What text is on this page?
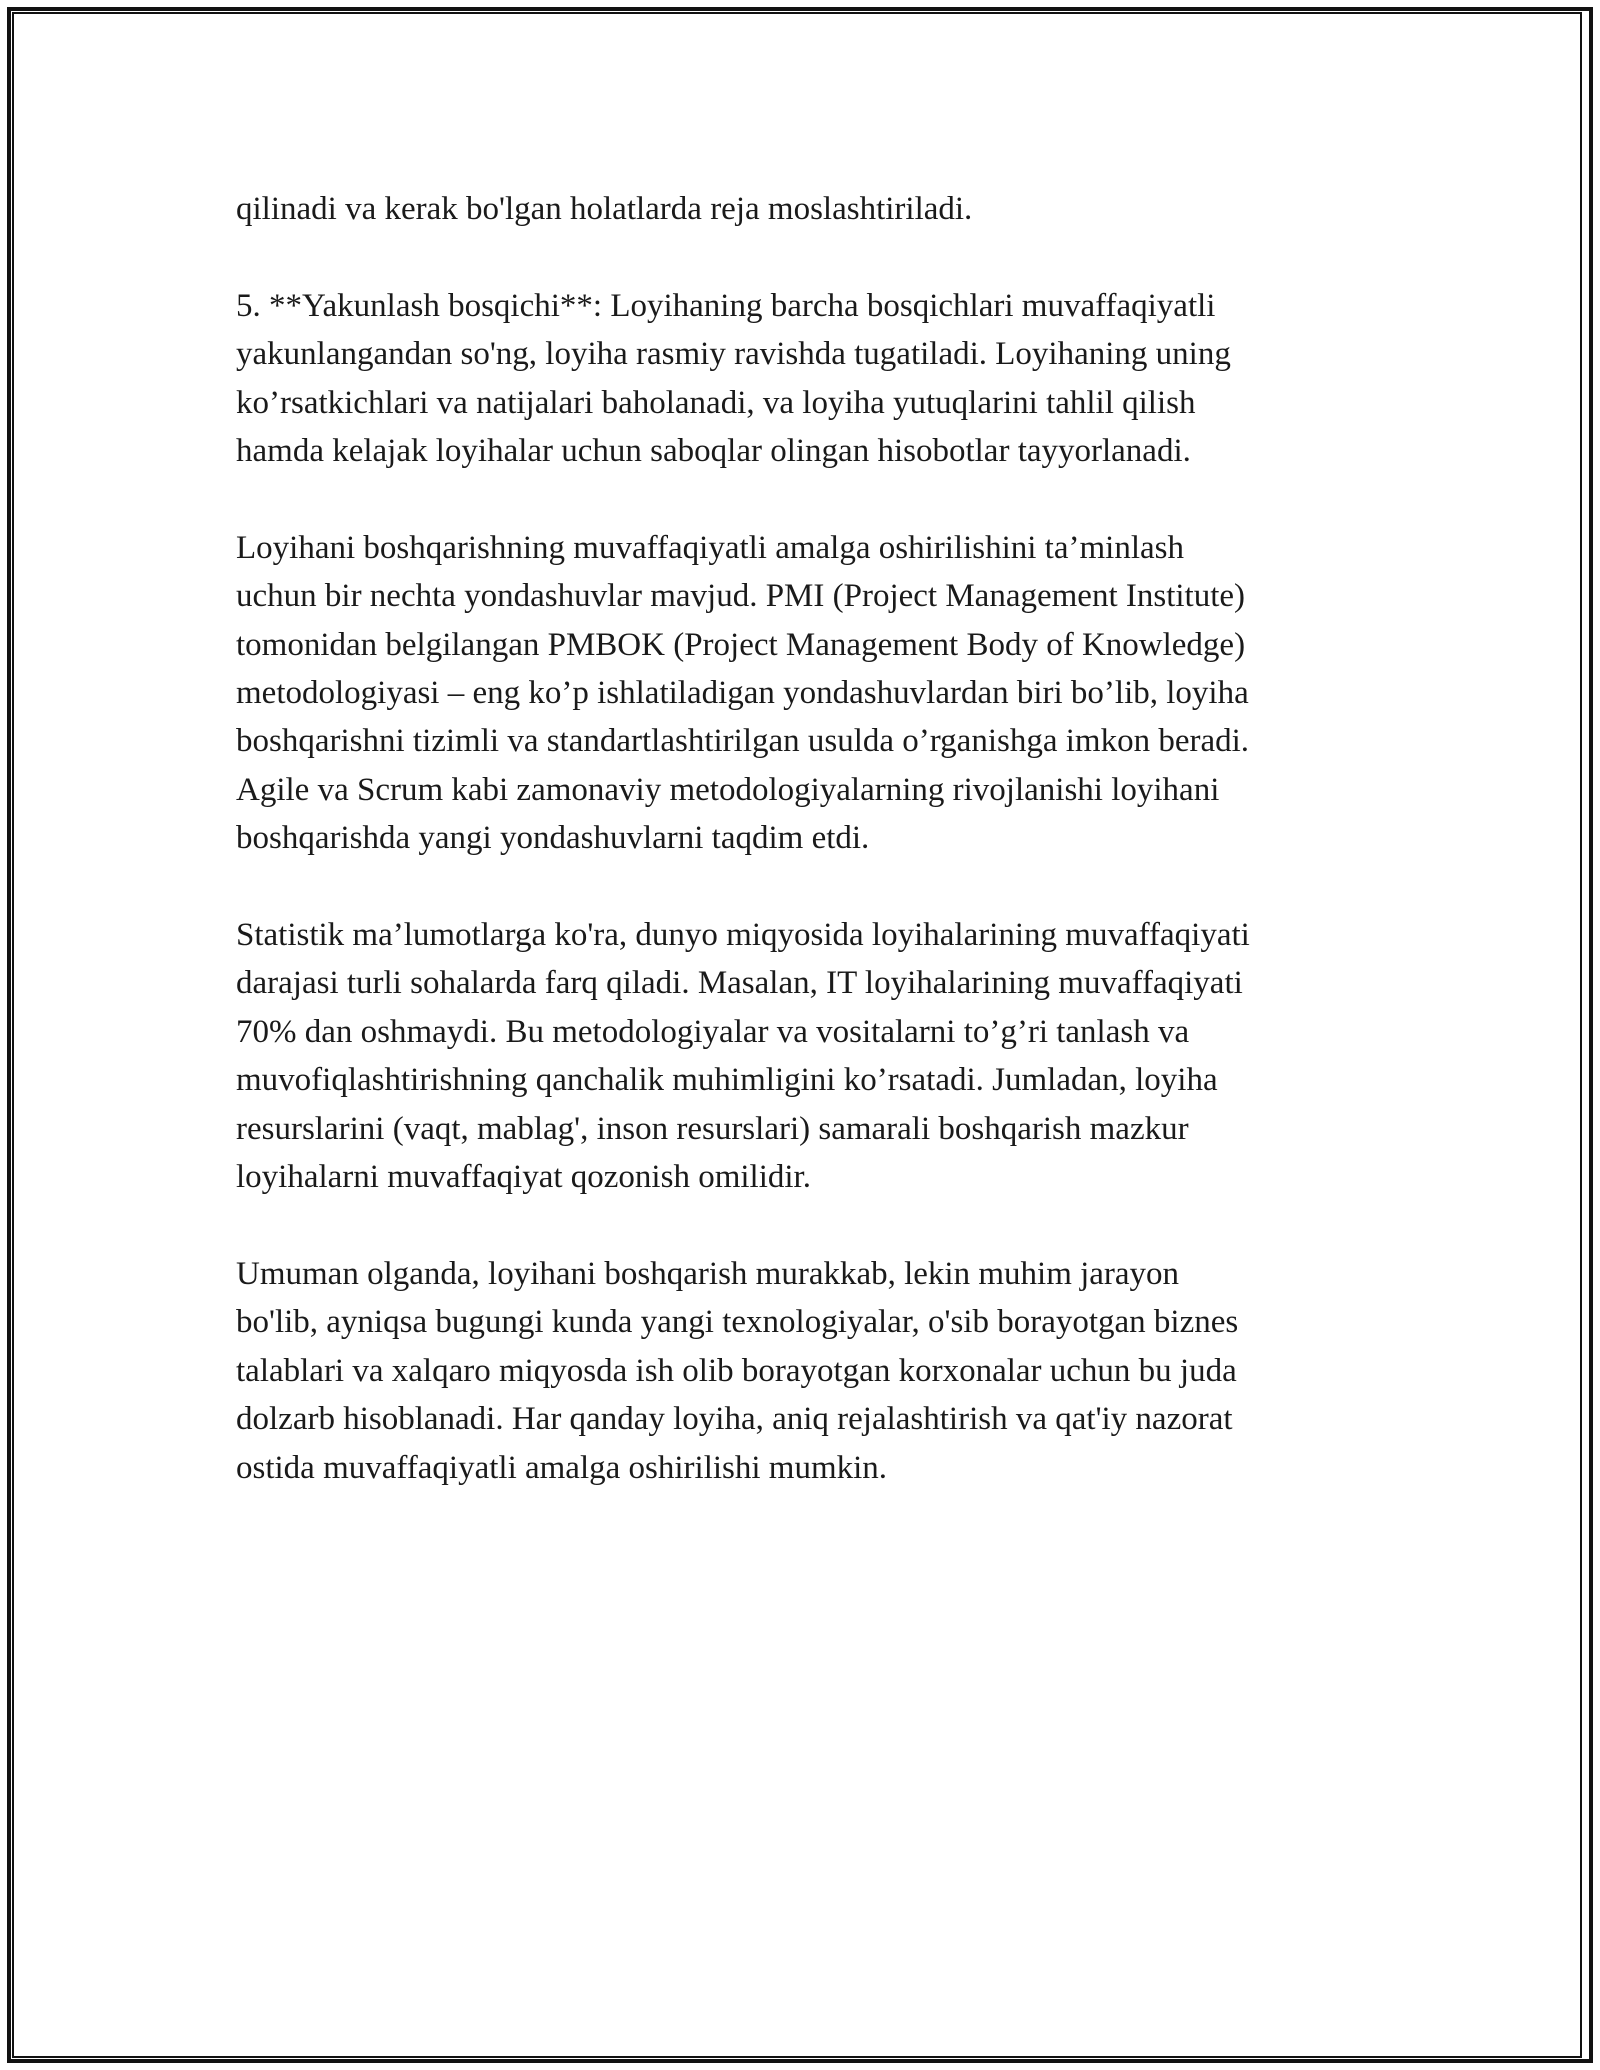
qilinadi va kerak bo'lgan holatlarda reja moslashtiriladi.

5. **Yakunlash bosqichi**: Loyihaning barcha bosqichlari muvaffaqiyatli
yakunlangandan so'ng, loyiha rasmiy ravishda tugatiladi. Loyihaning uning
ko’rsatkichlari va natijalari baholanadi, va loyiha yutuqlarini tahlil qilish
hamda kelajak loyihalar uchun saboqlar olingan hisobotlar tayyorlanadi.

Loyihani boshqarishning muvaffaqiyatli amalga oshirilishini ta’minlash
uchun bir nechta yondashuvlar mavjud. PMI (Project Management Institute)
tomonidan belgilangan PMBOK (Project Management Body of Knowledge)
metodologiyasi – eng ko’p ishlatiladigan yondashuvlardan biri bo’lib, loyiha
boshqarishni tizimli va standartlashtirilgan usulda o’rganishga imkon beradi.
Agile va Scrum kabi zamonaviy metodologiyalarning rivojlanishi loyihani
boshqarishda yangi yondashuvlarni taqdim etdi.

Statistik ma’lumotlarga ko'ra, dunyo miqyosida loyihalarining muvaffaqiyati
darajasi turli sohalarda farq qiladi. Masalan, IT loyihalarining muvaffaqiyati
70% dan oshmaydi. Bu metodologiyalar va vositalarni to’g’ri tanlash va
muvofiqlashtirishning qanchalik muhimligini ko’rsatadi. Jumladan, loyiha
resurslarini (vaqt, mablag', inson resurslari) samarali boshqarish mazkur
loyihalarni muvaffaqiyat qozonish omilidir.

Umuman olganda, loyihani boshqarish murakkab, lekin muhim jarayon
bo'lib, ayniqsa bugungi kunda yangi texnologiyalar, o'sib borayotgan biznes
talablari va xalqaro miqyosda ish olib borayotgan korxonalar uchun bu juda
dolzarb hisoblanadi. Har qanday loyiha, aniq rejalashtirish va qat'iy nazorat
ostida muvaffaqiyatli amalga oshirilishi mumkin.
